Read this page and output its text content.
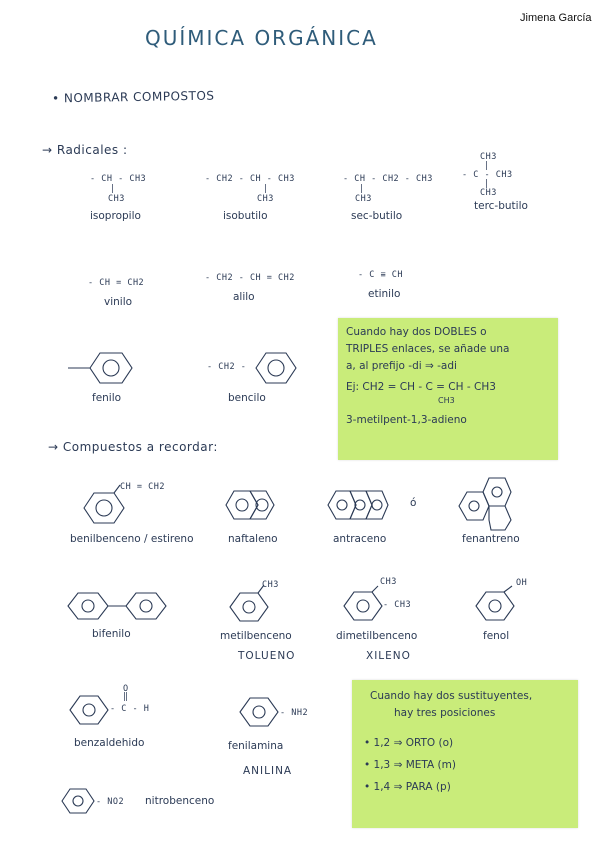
Jimena García
QUÍMICA ORGÁNICA
• NOMBRAR COMPOSTOS
→ Radicales :
- CH - CH3
|
CH3
isopropilo
- CH2 - CH - CH3
|
CH3
isobutilo
- CH - CH2 - CH3
|
CH3
sec-butilo
CH3
|
- C - CH3
|
CH3
terc-butilo
- CH = CH2
vinilo
- CH2 - CH = CH2
alilo
- C ≡ CH
etinilo
fenilo
- CH2 -
bencilo

Cuando hay dos DOBLES o

TRIPLES enlaces, se añade una

a, al prefijo -di ⇒ -adi

Ej: CH2 = CH - C = CH - CH3

CH3

3-metilpent-1,3-adieno

→ Compuestos a recordar:
CH = CH2
benilbenceno / estireno	naftaleno
ó
antraceno	fenantreno
bifenilo
CH3
metilbenceno
TOLUENO
CH3
- CH3
dimetilbenceno
XILENO
OH
fenol
O
‖
- C - H
benzaldehido
- NH2
fenilamina
ANILINA

Cuando hay dos sustituyentes,

hay tres posiciones

• 1,2 ⇒ ORTO (o)

• 1,3 ⇒ META (m)

• 1,4 ⇒ PARA (p)

- NO2 nitrobenceno
